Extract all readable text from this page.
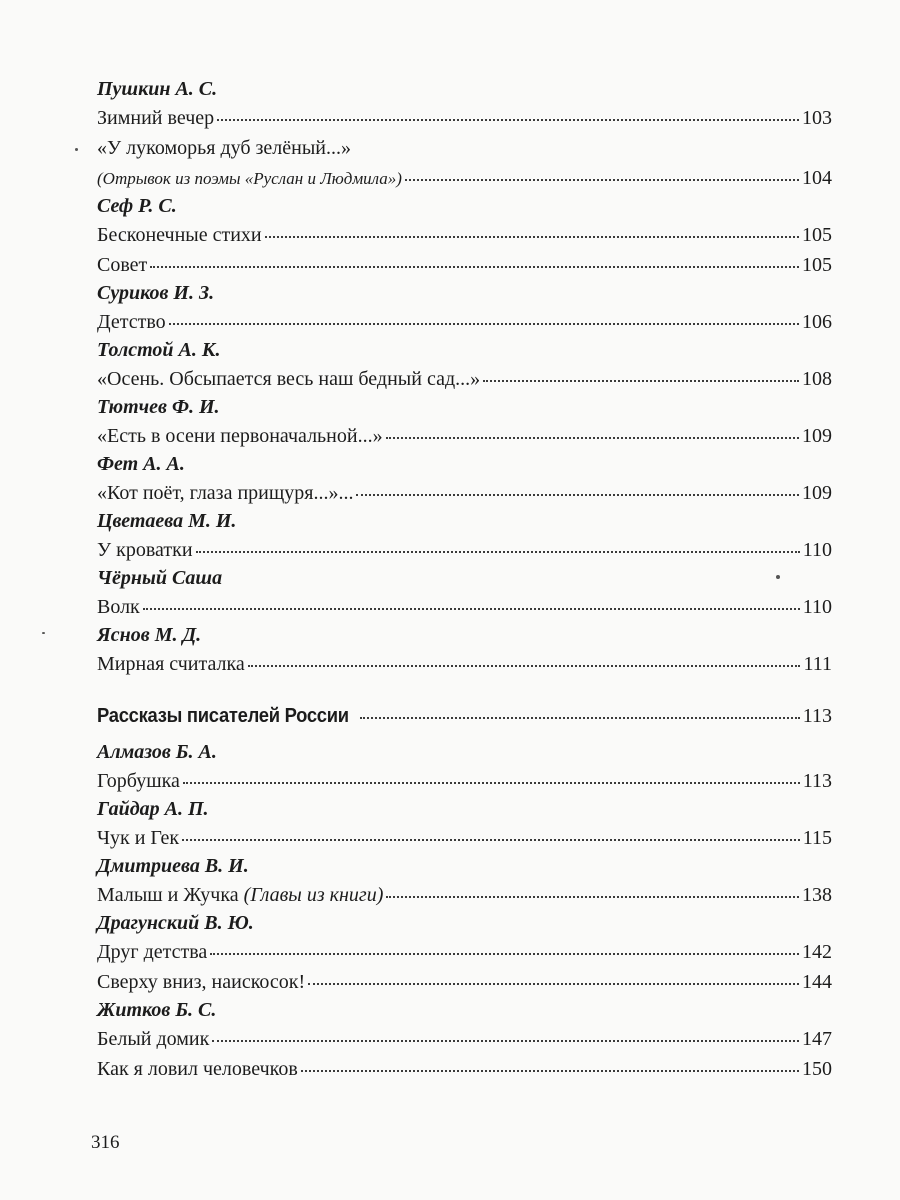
Пушкин А. С.
Зимний вечер	103
«У лукоморья дуб зелёный...»
(Отрывок из поэмы «Руслан и Людмила»)	104
Сеф Р. С.
Бесконечные стихи	105
Совет	105
Суриков И. З.
Детство	106
Толстой А. К.
«Осень. Обсыпается весь наш бедный сад...»	108
Тютчев Ф. И.
«Есть в осени первоначальной...»	109
Фет А. А.
«Кот поёт, глаза прищуря...»...	109
Цветаева М. И.
У кроватки	110
Чёрный Саша
Волк	110
Яснов М. Д.
Мирная считалка	111
Рассказы писателей России	113
Алмазов Б. А.
Горбушка	113
Гайдар А. П.
Чук и Гек	115
Дмитриева В. И.
Малыш и Жучка (Главы из книги)	138
Драгунский В. Ю.
Друг детства	142
Сверху вниз, наискосок!	144
Житков Б. С.
Белый домик	147
Как я ловил человечков	150
316
